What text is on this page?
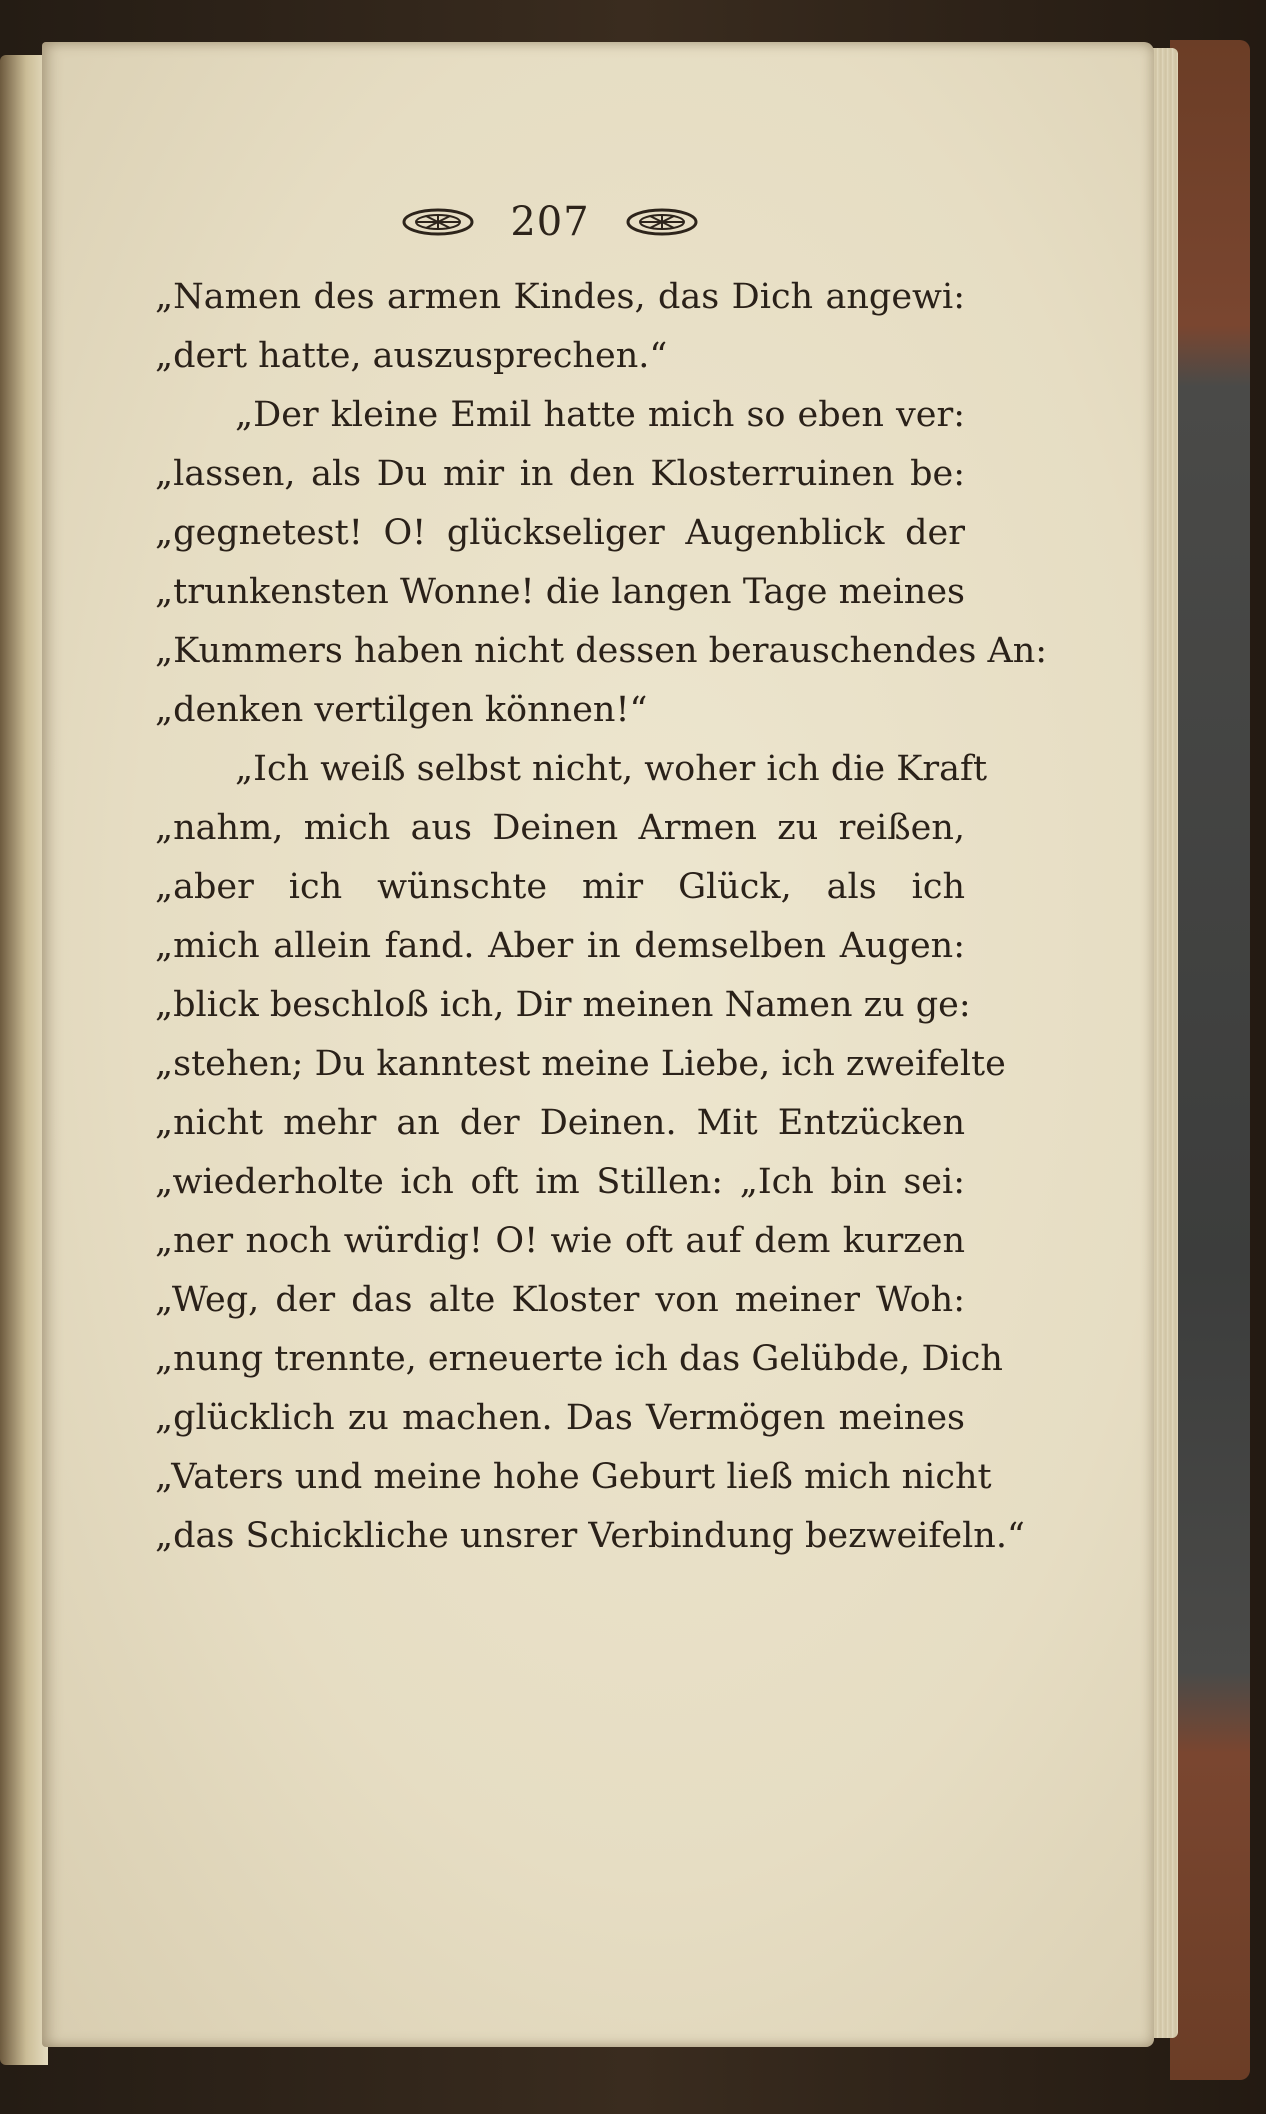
207
„Namen des armen Kindes, das Dich angewi:
„dert hatte, auszusprechen.“
„Der kleine Emil hatte mich so eben ver:
„lassen, als Du mir in den Klosterruinen be:
„gegnetest! O! glückseliger Augenblick der
„trunkensten Wonne! die langen Tage meines
„Kummers haben nicht dessen berauschendes An:
„denken vertilgen können!“
„Ich weiß selbst nicht, woher ich die Kraft
„nahm, mich aus Deinen Armen zu reißen,
„aber ich wünschte mir Glück, als ich
„mich allein fand. Aber in demselben Augen:
„blick beschloß ich, Dir meinen Namen zu ge:
„stehen; Du kanntest meine Liebe, ich zweifelte
„nicht mehr an der Deinen. Mit Entzücken
„wiederholte ich oft im Stillen: „Ich bin sei:
„ner noch würdig! O! wie oft auf dem kurzen
„Weg, der das alte Kloster von meiner Woh:
„nung trennte, erneuerte ich das Gelübde, Dich
„glücklich zu machen. Das Vermögen meines
„Vaters und meine hohe Geburt ließ mich nicht
„das Schickliche unsrer Verbindung bezweifeln.“
